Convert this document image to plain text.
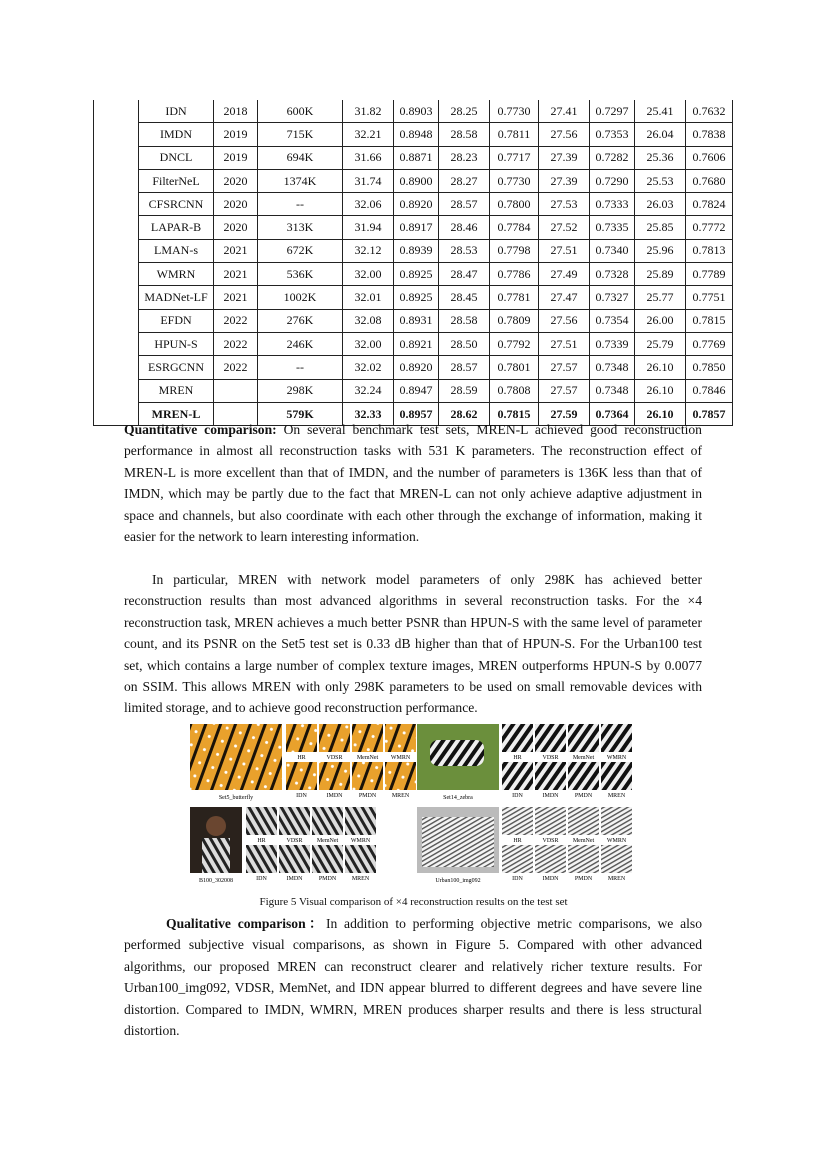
	IDN	2018	600K	31.82	0.8903	28.25	0.7730	27.41	0.7297	25.41	0.7632
	IMDN	2019	715K	32.21	0.8948	28.58	0.7811	27.56	0.7353	26.04	0.7838
	DNCL	2019	694K	31.66	0.8871	28.23	0.7717	27.39	0.7282	25.36	0.7606
	FilterNeL	2020	1374K	31.74	0.8900	28.27	0.7730	27.39	0.7290	25.53	0.7680
	CFSRCNN	2020	--	32.06	0.8920	28.57	0.7800	27.53	0.7333	26.03	0.7824
	LAPAR-B	2020	313K	31.94	0.8917	28.46	0.7784	27.52	0.7335	25.85	0.7772
	LMAN-s	2021	672K	32.12	0.8939	28.53	0.7798	27.51	0.7340	25.96	0.7813
	WMRN	2021	536K	32.00	0.8925	28.47	0.7786	27.49	0.7328	25.89	0.7789
	MADNet-LF	2021	1002K	32.01	0.8925	28.45	0.7781	27.47	0.7327	25.77	0.7751
	EFDN	2022	276K	32.08	0.8931	28.58	0.7809	27.56	0.7354	26.00	0.7815
	HPUN-S	2022	246K	32.00	0.8921	28.50	0.7792	27.51	0.7339	25.79	0.7769
	ESRGCNN	2022	--	32.02	0.8920	28.57	0.7801	27.57	0.7348	26.10	0.7850
	MREN		298K	32.24	0.8947	28.59	0.7808	27.57	0.7348	26.10	0.7846
	MREN-L		579K	32.33	0.8957	28.62	0.7815	27.59	0.7364	26.10	0.7857

Quantitative comparison: On several benchmark test sets, MREN-L achieved good reconstruction performance in almost all reconstruction tasks with 531 K parameters. The reconstruction effect of MREN-L is more excellent than that of IMDN, and the number of parameters is 136K less than that of IMDN, which may be partly due to the fact that MREN-L can not only achieve adaptive adjustment in space and channels, but also coordinate with each other through the exchange of information, making it easier for the network to learn interesting information.

In particular, MREN with network model parameters of only 298K has achieved better reconstruction results than most advanced algorithms in several reconstruction tasks. For the ×4 reconstruction task, MREN achieves a much better PSNR than HPUN-S with the same level of parameter count, and its PSNR on the Set5 test set is 0.33 dB higher than that of HPUN-S. For the Urban100 test set, which contains a large number of complex texture images, MREN outperforms HPUN-S by 0.0077 on SSIM. This allows MREN with only 298K parameters to be used on small removable devices with limited storage, and to achieve good reconstruction performance.

Set5_butterfly	Set14_zebra
B100_302008	Urban100_img092
HR	VDSR MemNet WMRN
IDN	IMDN	PMDN	MREN
HR	VDSR MemNet WMRN
IDN	IMDN	PMDN	MREN
HR	VDSR MemNet WMRN
IDN	IMDN	PMDN	MREN
HR	VDSR MemNet WMRN
IDN	IMDN	PMDN	MREN
Figure 5 Visual comparison of ×4 reconstruction results on the test set

Qualitative comparison：In addition to performing objective metric comparisons, we also performed subjective visual comparisons, as shown in Figure 5. Compared with other advanced algorithms, our proposed MREN can reconstruct clearer and relatively richer texture results. For Urban100_img092, VDSR, MemNet, and IDN appear blurred to different degrees and have severe line distortion. Compared to IMDN, WMRN, MREN produces sharper results and there is less structural distortion.
